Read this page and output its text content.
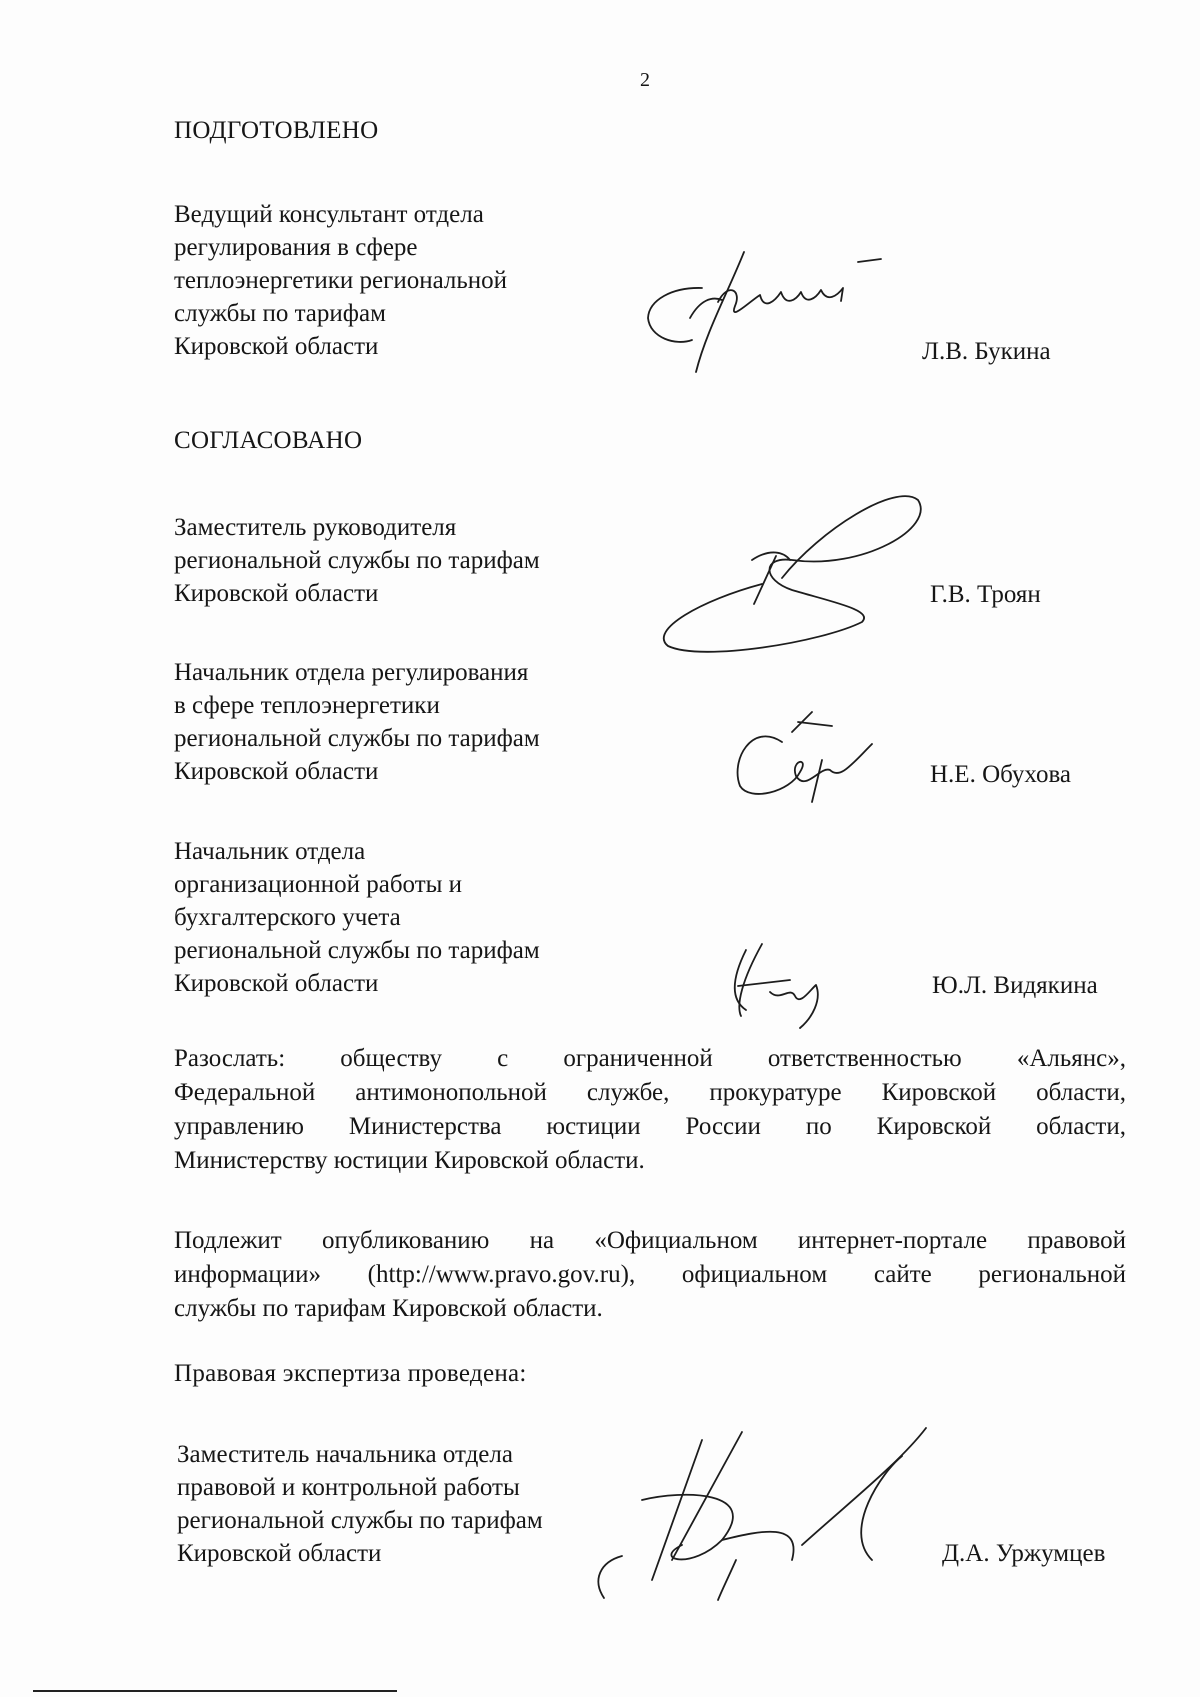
2
ПОДГОТОВЛЕНО
Ведущий консультант отдела
регулирования в сфере
теплоэнергетики региональной
службы по тарифам
Кировской области	Л.В. Букина
СОГЛАСОВАНО
Заместитель руководителя
региональной службы по тарифам
Кировской области	Г.В. Троян
Начальник отдела регулирования
в сфере теплоэнергетики
региональной службы по тарифам
Кировской области	Н.Е. Обухова
Начальник отдела
организационной работы и
бухгалтерского учета
региональной службы по тарифам
Кировской области	Ю.Л. Видякина
Разослать: обществу с ограниченной ответственностью «Альянс»,
Федеральной антимонопольной службе, прокуратуре Кировской области,
управлению Министерства юстиции России по Кировской области,
Министерству юстиции Кировской области.
Подлежит опубликованию на «Официальном интернет-портале правовой
информации» (http://www.pravo.gov.ru), официальном сайте региональной
службы по тарифам Кировской области.
Правовая экспертиза проведена:
Заместитель начальника отдела
правовой и контрольной работы
региональной службы по тарифам
Кировской области	Д.А. Уржумцев
